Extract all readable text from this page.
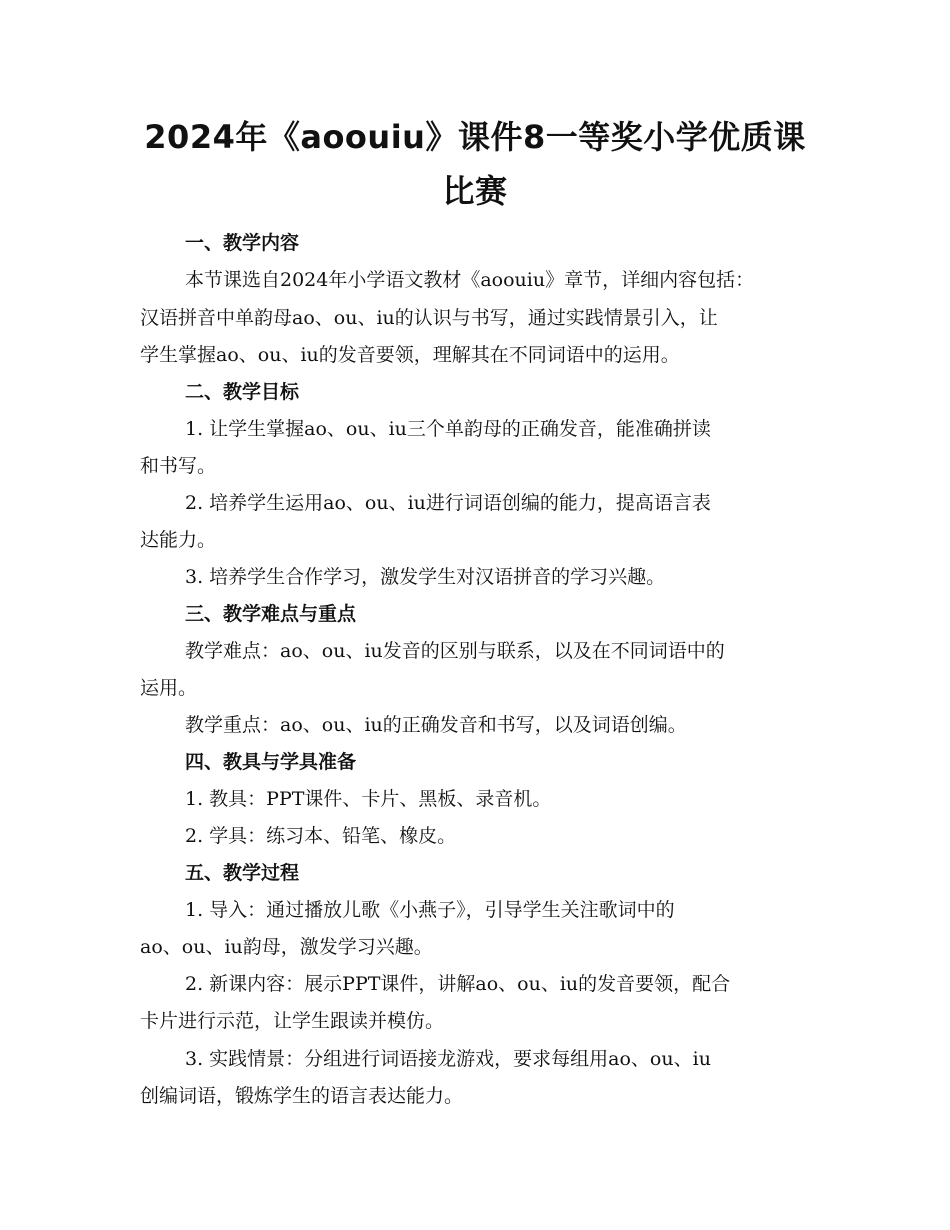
2024年《aoouiu》课件8一等奖小学优质课
比赛
一、教学内容
本节课选自2024年小学语文教材《aoouiu》章节，详细内容包括：
汉语拼音中单韵母ao、ou、iu的认识与书写，通过实践情景引入，让
学生掌握ao、ou、iu的发音要领，理解其在不同词语中的运用。
二、教学目标
1. 让学生掌握ao、ou、iu三个单韵母的正确发音，能准确拼读
和书写。
2. 培养学生运用ao、ou、iu进行词语创编的能力，提高语言表
达能力。
3. 培养学生合作学习，激发学生对汉语拼音的学习兴趣。
三、教学难点与重点
教学难点：ao、ou、iu发音的区别与联系，以及在不同词语中的
运用。
教学重点：ao、ou、iu的正确发音和书写，以及词语创编。
四、教具与学具准备
1. 教具：PPT课件、卡片、黑板、录音机。
2. 学具：练习本、铅笔、橡皮。
五、教学过程
1. 导入：通过播放儿歌《小燕子》，引导学生关注歌词中的
ao、ou、iu韵母，激发学习兴趣。
2. 新课内容：展示PPT课件，讲解ao、ou、iu的发音要领，配合
卡片进行示范，让学生跟读并模仿。
3. 实践情景：分组进行词语接龙游戏，要求每组用ao、ou、iu
创编词语，锻炼学生的语言表达能力。
